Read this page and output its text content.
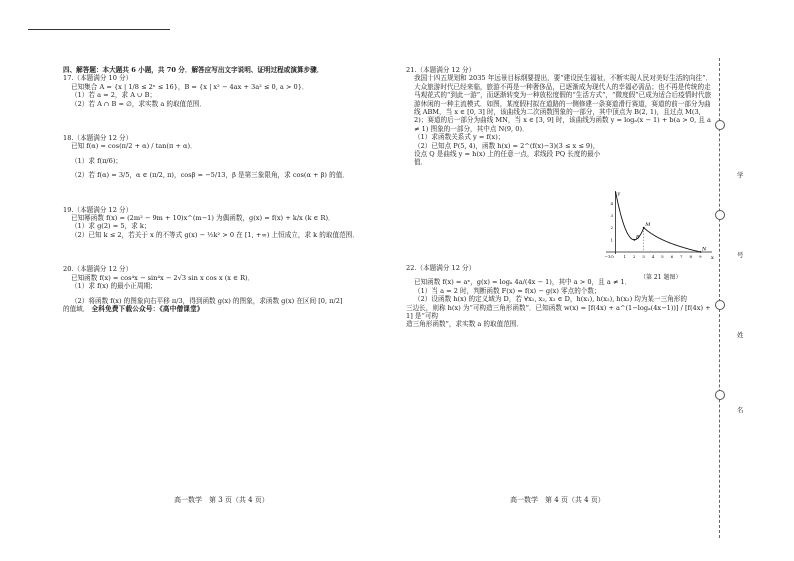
四、解答题：本大题共 6 小题，共 70 分．解答应写出文字说明、证明过程或演算步骤．

17.（本题满分 10 分）

已知集合 A = {x | 1/8 ≤ 2ˣ ≤ 16}，B = {x | x² − 4ax + 3a² ≤ 0, a > 0}．

（1）若 a = 2，求 A ∪ B；

（2）若 A ∩ B = ∅，求实数 a 的取值范围．

18.（本题满分 12 分）

已知 f(α) = cos(π/2 + α) / tan(π + α)．

（1）求 f(π/6)；

（2）若 f(α) = 3/5，α ∈ (π/2, π)，cosβ = −5/13，β 是第三象限角，求 cos(α + β) 的值．

19.（本题满分 12 分）

已知幂函数 f(x) = (2m² − 9m + 10)x^(m−1) 为偶函数，g(x) = f(x) + k/x (k ∈ R)．

（1）求 g(2) = 5，求 k；

（2）已知 k ≤ 2，若关于 x 的不等式 g(x) − ½k² > 0 在 [1, +∞) 上恒成立，求 k 的取值范围．

20.（本题满分 12 分）

已知函数 f(x) = cos⁴x − sin⁴x − 2√3 sin x cos x (x ∈ R)．

（1）求 f(x) 的最小正周期；

（2）将函数 f(x) 的图象向右平移 π/3，得到函数 g(x) 的图象，求函数 g(x) 在区间 [0, π/2]

的值域． 全科免费下载公众号：《高中僧课堂》

21.（本题满分 12 分）

我国十四五规划和 2035 年远景目标纲要提出，要“建设民生福祉，不断实现人民对美好生活的向往”．大众旅游时代已经来临，旅游不再是一种奢侈品，已逐渐成为现代人的幸福必需品；也不再是传统的走马观花式的“到此一游”，而逐渐转变为一种放松度假的“生活方式”，“微度假”已成为适合后疫情时代旅游休闲的一种主流模式．如图，某度假村拟在道路的一侧修建一条赛道滑行赛道，赛道的前一部分为曲线 ABM，当 x ∈ [0, 3] 时，该曲线为二次函数图象的一部分，其中顶点为 B(2, 1)，且过点 M(3, 2)；赛道的后一部分为曲线 MN，当 x ∈ [3, 9] 时，该曲线为函数 y = logₐ(x − 1) + b(a > 0, 且 a ≠ 1) 图象的一部分，其中点 N(9, 0)．

（1）求函数关系式 y = f(x)；

（2）已知点 P(5, 4)，函数 h(x) = 2^(f(x)−3)(3 ≤ x ≤ 9)，设点 Q 是曲线 y = h(x) 上的任意一点，求线段 PQ 长度的最小值．

x
y
O
−1	1 2 3 4 5 6 7 8 9
1
2
3
4
B
M
N
（第 21 题图）

22.（本题满分 12 分）

已知函数 f(x) = aˣ，g(x) = logₐ 4a/(4x − 1)，其中 a > 0，且 a ≠ 1．

（1）当 a = 2 时，判断函数 F(x) = f(x) − g(x) 零点的个数；

（2）设函数 h(x) 的定义域为 D，若 ∀x₁, x₂, x₃ ∈ D，h(x₁), h(x₂), h(x₃) 均为某一三角形的

三边长，则称 h(x) 为“可构造三角形函数”．已知函数 w(x) = [f(4x) + a^(1−logₐ(4x−1))] / [f(4x) + 1] 是“可构

造三角形函数”，求实数 a 的取值范围．

高一数学　第 3 页（共 4 页）	高一数学　第 4 页（共 4 页）
学
号
姓
名
